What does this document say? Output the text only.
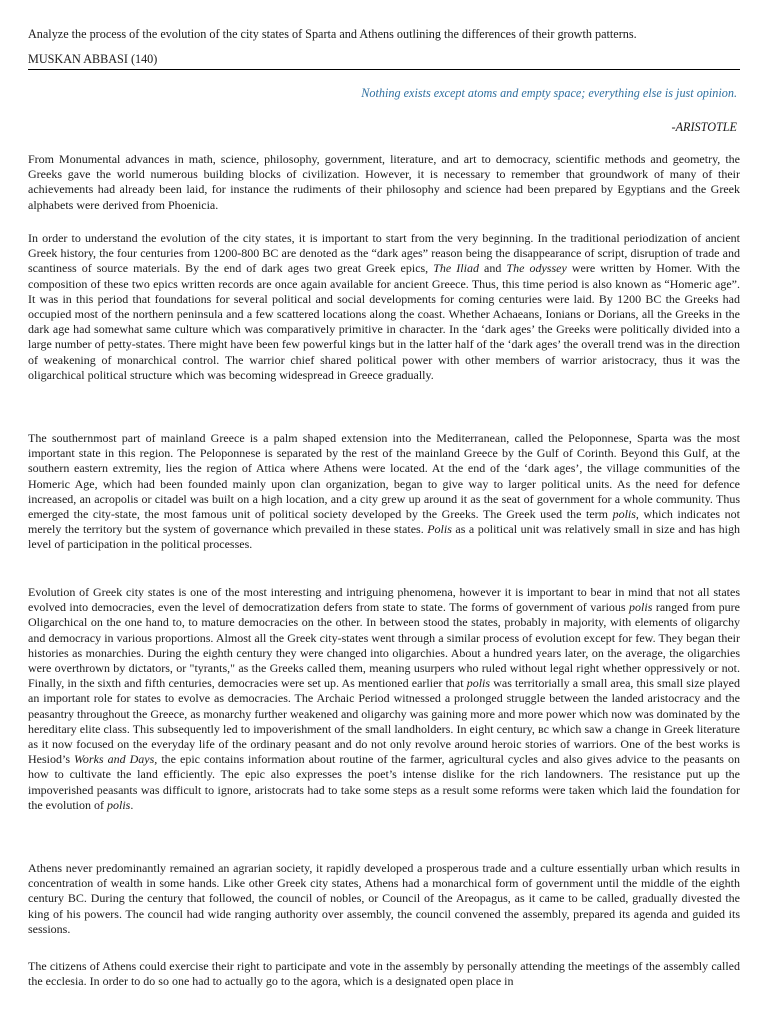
Analyze the process of the evolution of the city states of Sparta and Athens outlining the differences of their growth patterns.
MUSKAN ABBASI (140)
Nothing exists except atoms and empty space; everything else is just opinion.
-ARISTOTLE
From Monumental advances in math, science, philosophy, government, literature, and art to democracy, scientific methods and geometry, the Greeks gave the world numerous building blocks of civilization. However, it is necessary to remember that groundwork of many of their achievements had already been laid, for instance the rudiments of their philosophy and science had been prepared by Egyptians and the Greek alphabets were derived from Phoenicia.
In order to understand the evolution of the city states, it is important to start from the very beginning. In the traditional periodization of ancient Greek history, the four centuries from 1200-800 BC are denoted as the “dark ages” reason being the disappearance of script, disruption of trade and scantiness of source materials. By the end of dark ages two great Greek epics, The Iliad and The odyssey were written by Homer. With the composition of these two epics written records are once again available for ancient Greece. Thus, this time period is also known as “Homeric age”. It was in this period that foundations for several political and social developments for coming centuries were laid. By 1200 BC the Greeks had occupied most of the northern peninsula and a few scattered locations along the coast. Whether Achaeans, Ionians or Dorians, all the Greeks in the dark age had somewhat same culture which was comparatively primitive in character. In the ‘dark ages’ the Greeks were politically divided into a large number of petty-states. There might have been few powerful kings but in the latter half of the ‘dark ages’ the overall trend was in the direction of weakening of monarchical control. The warrior chief shared political power with other members of warrior aristocracy, thus it was the oligarchical political structure which was becoming widespread in Greece gradually.
The southernmost part of mainland Greece is a palm shaped extension into the Mediterranean, called the Peloponnese, Sparta was the most important state in this region. The Peloponnese is separated by the rest of the mainland Greece by the Gulf of Corinth. Beyond this Gulf, at the southern eastern extremity, lies the region of Attica where Athens were located. At the end of the ‘dark ages’, the village communities of the Homeric Age, which had been founded mainly upon clan organization, began to give way to larger political units. As the need for defence increased, an acropolis or citadel was built on a high location, and a city grew up around it as the seat of government for a whole community. Thus emerged the city-state, the most famous unit of political society developed by the Greeks. The Greek used the term polis, which indicates not merely the territory but the system of governance which prevailed in these states. Polis as a political unit was relatively small in size and has high level of participation in the political processes.
Evolution of Greek city states is one of the most interesting and intriguing phenomena, however it is important to bear in mind that not all states evolved into democracies, even the level of democratization defers from state to state. The forms of government of various polis ranged from pure Oligarchical on the one hand to, to mature democracies on the other. In between stood the states, probably in majority, with elements of oligarchy and democracy in various proportions. Almost all the Greek city-states went through a similar process of evolution except for few. They began their histories as monarchies. During the eighth century they were changed into oligarchies. About a hundred years later, on the average, the oligarchies were overthrown by dictators, or "tyrants," as the Greeks called them, meaning usurpers who ruled without legal right whether oppressively or not. Finally, in the sixth and fifth centuries, democracies were set up. As mentioned earlier that polis was territorially a small area, this small size played an important role for states to evolve as democracies. The Archaic Period witnessed a prolonged struggle between the landed aristocracy and the peasantry throughout the Greece, as monarchy further weakened and oligarchy was gaining more and more power which now was dominated by the hereditary elite class. This subsequently led to impoverishment of the small landholders. In eight century, вс which saw a change in Greek literature as it now focused on the everyday life of the ordinary peasant and do not only revolve around heroic stories of warriors. One of the best works is Hesiod’s Works and Days, the epic contains information about routine of the farmer, agricultural cycles and also gives advice to the peasants on how to cultivate the land efficiently. The epic also expresses the poet’s intense dislike for the rich landowners. The resistance put up the impoverished peasants was difficult to ignore, aristocrats had to take some steps as a result some reforms were taken which laid the foundation for the evolution of polis.
Athens never predominantly remained an agrarian society, it rapidly developed a prosperous trade and a culture essentially urban which results in concentration of wealth in some hands. Like other Greek city states, Athens had a monarchical form of government until the middle of the eighth century BC. During the century that followed, the council of nobles, or Council of the Areopagus, as it came to be called, gradually divested the king of his powers. The council had wide ranging authority over assembly, the council convened the assembly, prepared its agenda and guided its sessions.
The citizens of Athens could exercise their right to participate and vote in the assembly by personally attending the meetings of the assembly called the ecclesia. In order to do so one had to actually go to the agora, which is a designated open place in
